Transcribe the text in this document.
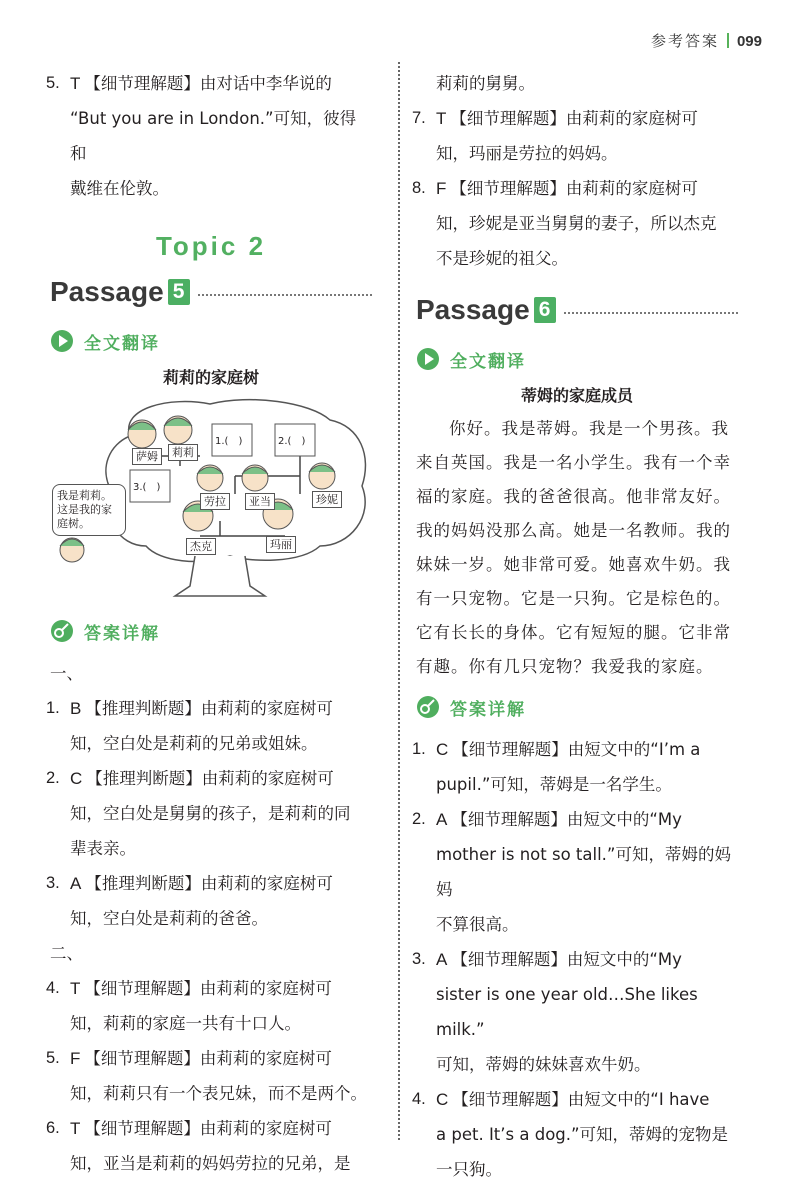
参考答案 099
5. T 【细节理解题】由对话中李华说的

“But you are in London.”可知，彼得和

戴维在伦敦。

Topic 2
Passage 5
全文翻译
莉莉的家庭树
萨姆	莉莉
劳拉	亚当	珍妮
杰克	玛丽
1.(　)	2.(　)
3.(　)
我是莉莉。这是我的家庭树。
答案详解

一、

1. B 【推理判断题】由莉莉的家庭树可

知，空白处是莉莉的兄弟或姐妹。

2. C 【推理判断题】由莉莉的家庭树可

知，空白处是舅舅的孩子，是莉莉的同

辈表亲。

3. A 【推理判断题】由莉莉的家庭树可

知，空白处是莉莉的爸爸。

二、

4. T 【细节理解题】由莉莉的家庭树可

知，莉莉的家庭一共有十口人。

5. F 【细节理解题】由莉莉的家庭树可

知，莉莉只有一个表兄妹，而不是两个。

6. T 【细节理解题】由莉莉的家庭树可

知，亚当是莉莉的妈妈劳拉的兄弟，是

莉莉的舅舅。

7. T 【细节理解题】由莉莉的家庭树可

知，玛丽是劳拉的妈妈。

8. F 【细节理解题】由莉莉的家庭树可

知，珍妮是亚当舅舅的妻子，所以杰克

不是珍妮的祖父。

Passage 6
全文翻译
蒂姆的家庭成员

你好。我是蒂姆。我是一个男孩。我来自英国。我是一名小学生。我有一个幸福的家庭。我的爸爸很高。他非常友好。我的妈妈没那么高。她是一名教师。我的妹妹一岁。她非常可爱。她喜欢牛奶。我有一只宠物。它是一只狗。它是棕色的。它有长长的身体。它有短短的腿。它非常有趣。你有几只宠物？我爱我的家庭。

答案详解
1. C 【细节理解题】由短文中的“I’m a

pupil.”可知，蒂姆是一名学生。

2. A 【细节理解题】由短文中的“My

mother is not so tall.”可知，蒂姆的妈妈

不算很高。

3. A 【细节理解题】由短文中的“My

sister is one year old…She likes milk.”

可知，蒂姆的妹妹喜欢牛奶。

4. C 【细节理解题】由短文中的“I have

a pet. It’s a dog.”可知，蒂姆的宠物是

一只狗。
